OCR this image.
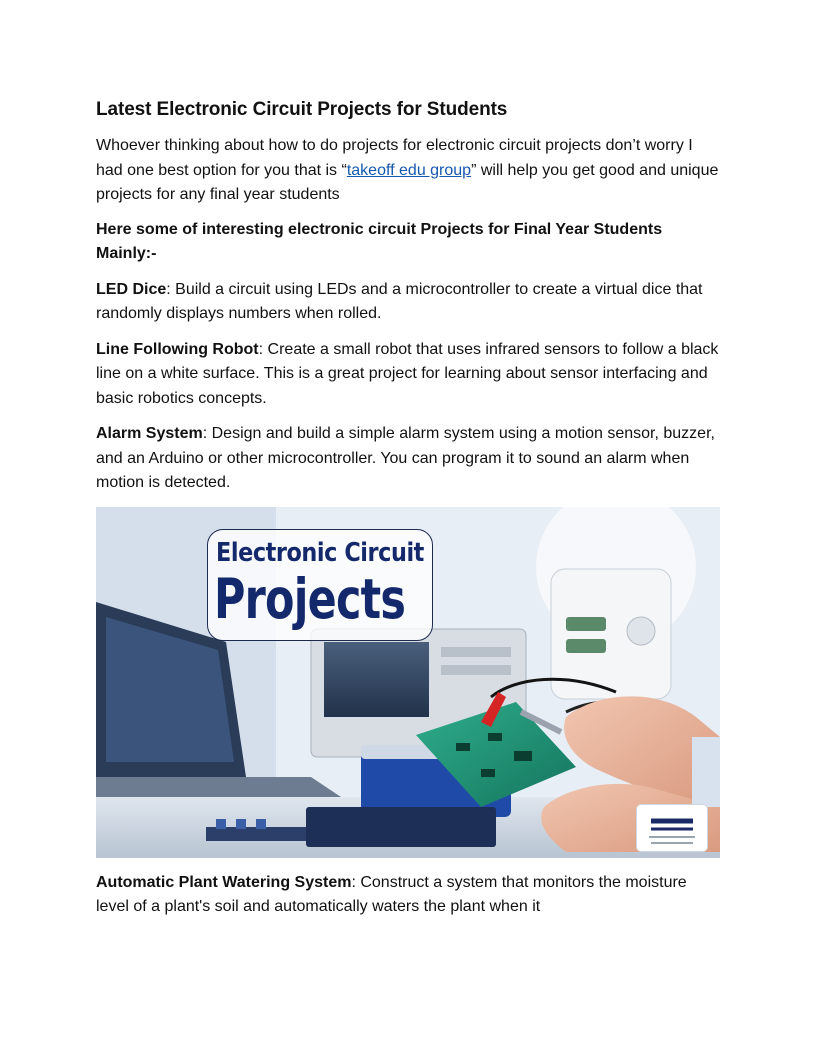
Latest Electronic Circuit Projects for Students

Whoever thinking about how to do projects for electronic circuit projects don’t worry I had one best option for you that is “takeoff edu group” will help you get good and unique projects for any final year students

Here some of interesting electronic circuit Projects for Final Year Students Mainly:-

LED Dice: Build a circuit using LEDs and a microcontroller to create a virtual dice that randomly displays numbers when rolled.

Line Following Robot: Create a small robot that uses infrared sensors to follow a black line on a white surface. This is a great project for learning about sensor interfacing and basic robotics concepts.

Alarm System: Design and build a simple alarm system using a motion sensor, buzzer, and an Arduino or other microcontroller. You can program it to sound an alarm when motion is detected.

Electronic Circuit
Projects

Automatic Plant Watering System: Construct a system that monitors the moisture level of a plant's soil and automatically waters the plant when it
